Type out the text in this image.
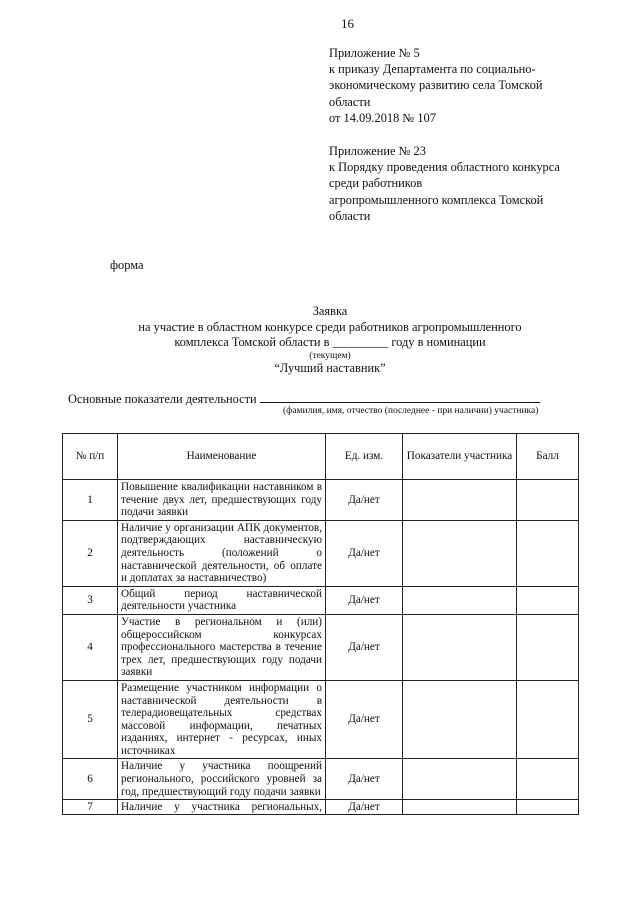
16
Приложение № 5
к приказу Департамента по социально-
экономическому развитию села Томской
области
от 14.09.2018 № 107
Приложение № 23
к Порядку проведения областного конкурса
среди работников
агропромышленного комплекса Томской
области
форма
Заявка
на участие в областном конкурсе среди работников агропромышленного
комплекса Томской области в _________ году в номинации
(текущем)
“Лучший наставник”
Основные показатели деятельности
(фамилия, имя, отчество (последнее - при наличии) участника)
№ п/п	Наименование	Ед. изм.	Показатели участника	Балл
1	Повышение квалификации наставником в течение двух лет, предшествующих году подачи заявки	Да/нет		
2	Наличие у организации АПК документов, подтверждающих наставническую деятельность (положений о наставнической деятельности, об оплате и доплатах за наставничество)	Да/нет		
3	Общий период наставнической деятельности участника	Да/нет		
4	Участие в региональном и (или) общероссийском конкурсах профессионального мастерства в течение трех лет, предшествующих году подачи заявки	Да/нет		
5	Размещение участником информации о наставнической деятельности в телерадиовещательных средствах массовой информации, печатных изданиях, интернет - ресурсах, иных источниках	Да/нет		
6	Наличие у участника поощрений регионального, российского уровней за год, предшествующий году подачи заявки	Да/нет		
7	Наличие у участника региональных,	Да/нет		
